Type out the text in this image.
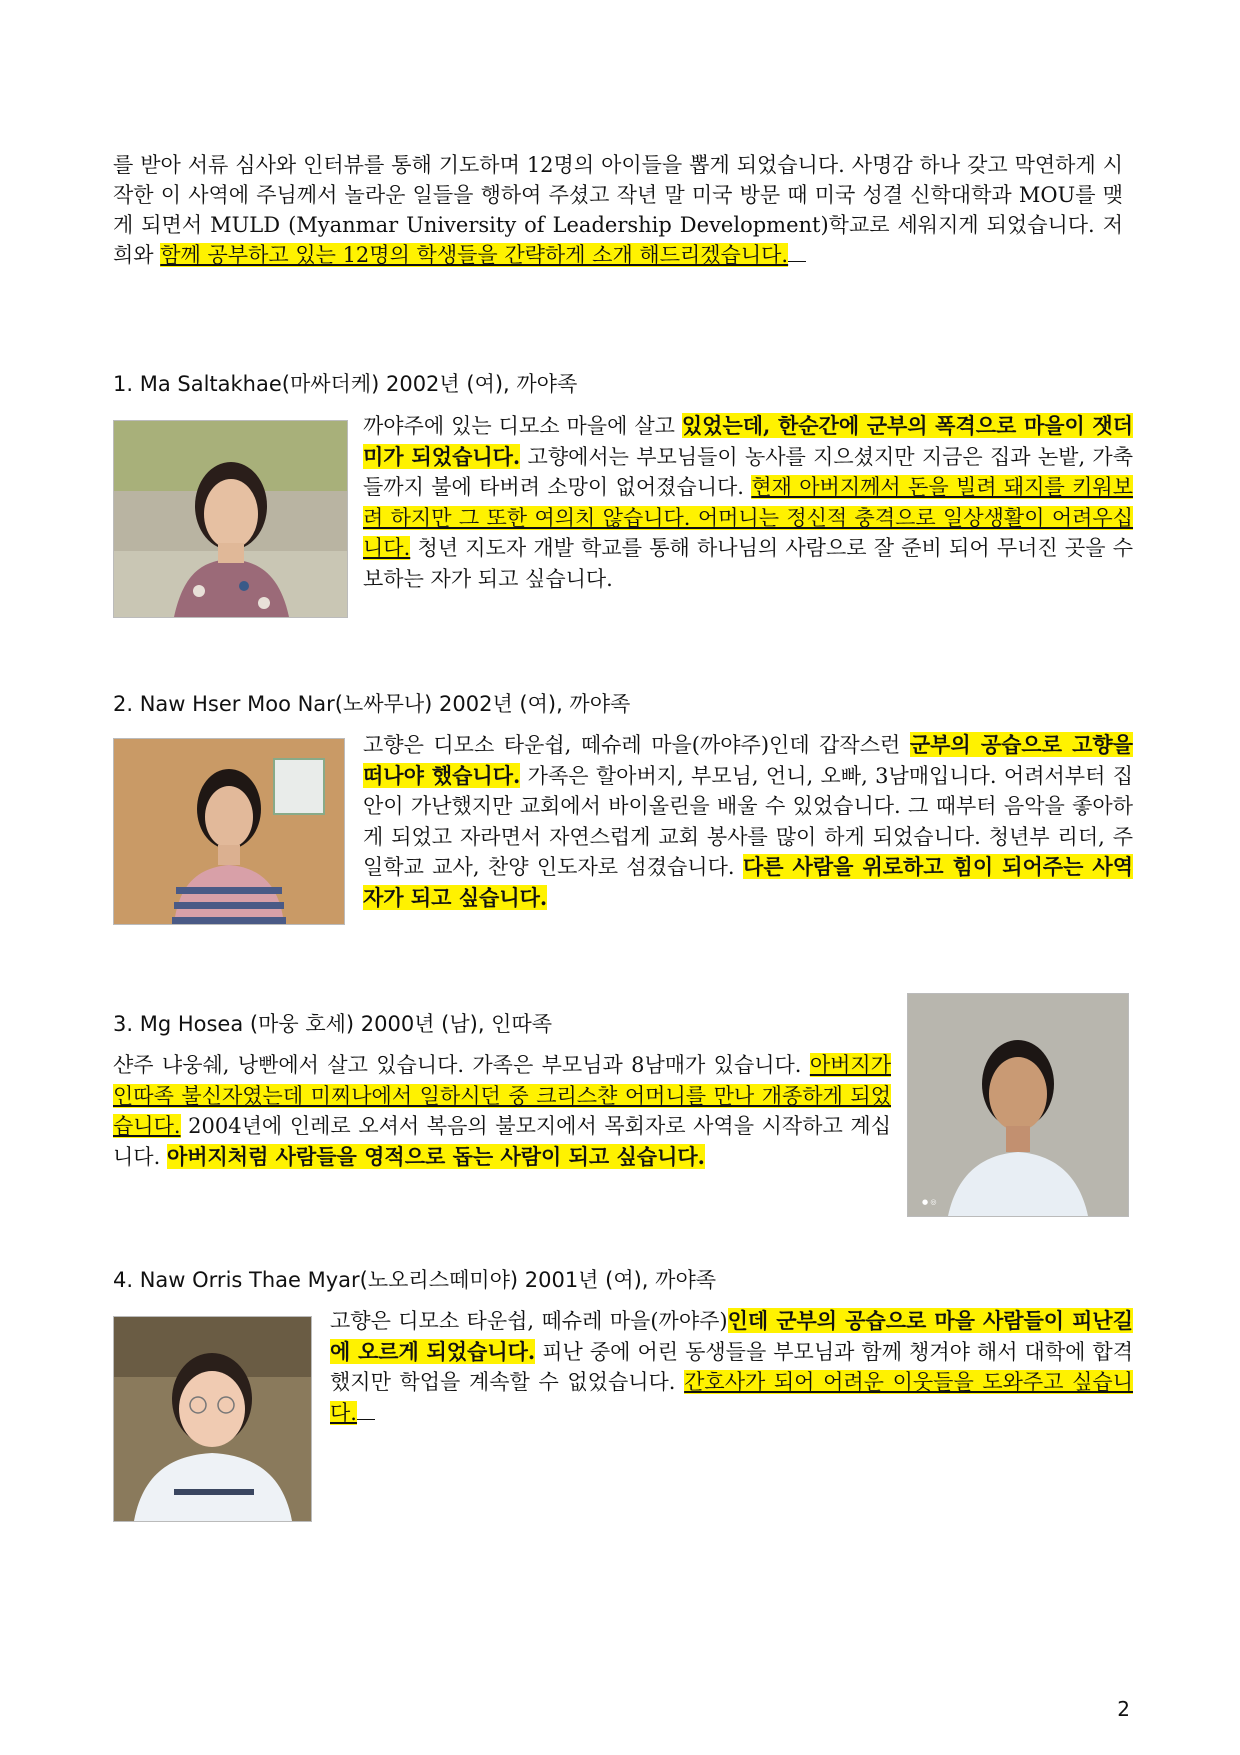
를 받아 서류 심사와 인터뷰를 통해 기도하며 12명의 아이들을 뽑게 되었습니다. 사명감 하나 갖고 막연하게 시작한 이 사역에 주님께서 놀라운 일들을 행하여 주셨고 작년 말 미국 방문 때 미국 성결 신학대학과 MOU를 맺게 되면서 MULD (Myanmar University of Leadership Development)학교로 세워지게 되었습니다. 저희와 함께 공부하고 있는 12명의 학생들을 간략하게 소개 해드리겠습니다.
1. Ma Saltakhae(마싸더케) 2002년 (여), 까야족
까야주에 있는 디모소 마을에 살고 있었는데, 한순간에 군부의 폭격으로 마을이 잿더미가 되었습니다. 고향에서는 부모님들이 농사를 지으셨지만 지금은 집과 논밭, 가축들까지 불에 타버려 소망이 없어졌습니다. 현재 아버지께서 돈을 빌려 돼지를 키워보려 하지만 그 또한 여의치 않습니다. 어머니는 정신적 충격으로 일상생활이 어려우십니다. 청년 지도자 개발 학교를 통해 하나님의 사람으로 잘 준비 되어 무너진 곳을 수보하는 자가 되고 싶습니다.
2. Naw Hser Moo Nar(노싸무나) 2002년 (여), 까야족
고향은 디모소 타운쉽, 떼슈레 마을(까야주)인데 갑작스런 군부의 공습으로 고향을 떠나야 했습니다. 가족은 할아버지, 부모님, 언니, 오빠, 3남매입니다. 어려서부터 집안이 가난했지만 교회에서 바이올린을 배울 수 있었습니다. 그 때부터 음악을 좋아하게 되었고 자라면서 자연스럽게 교회 봉사를 많이 하게 되었습니다. 청년부 리더, 주일학교 교사, 찬양 인도자로 섬겼습니다. 다른 사람을 위로하고 힘이 되어주는 사역자가 되고 싶습니다.
3. Mg Hosea (마웅 호세) 2000년 (남), 인따족
샨주 냐웅쉐, 낭빤에서 살고 있습니다. 가족은 부모님과 8남매가 있습니다. 아버지가 인따족 불신자였는데 미찌나에서 일하시던 중 크리스챤 어머니를 만나 개종하게 되었습니다. 2004년에 인레로 오셔서 복음의 불모지에서 목회자로 사역을 시작하고 계십니다. 아버지처럼 사람들을 영적으로 돕는 사람이 되고 싶습니다.
● ◎
4. Naw Orris Thae Myar(노오리스떼미야) 2001년 (여), 까야족
고향은 디모소 타운쉽, 떼슈레 마을(까야주)인데 군부의 공습으로 마을 사람들이 피난길에 오르게 되었습니다. 피난 중에 어린 동생들을 부모님과 함께 챙겨야 해서 대학에 합격했지만 학업을 계속할 수 없었습니다. 간호사가 되어 어려운 이웃들을 도와주고 싶습니다.
2
